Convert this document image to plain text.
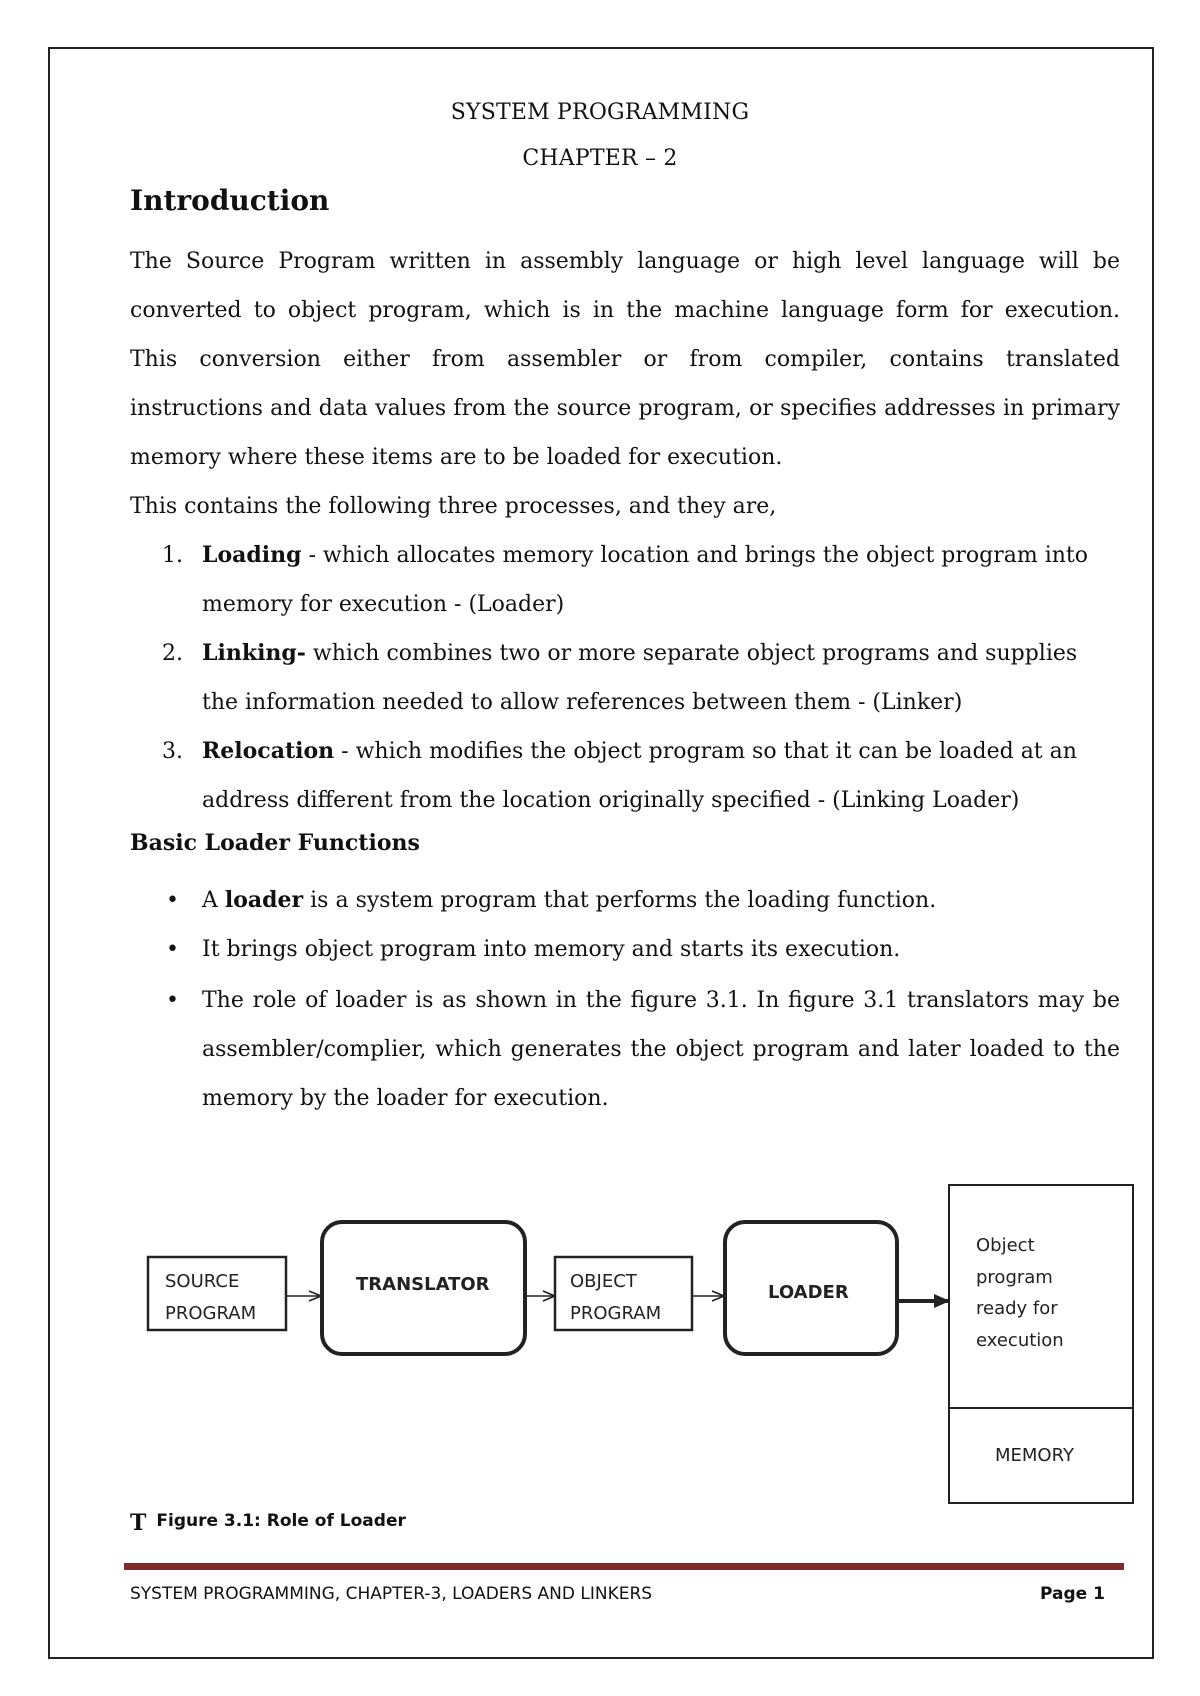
SYSTEM PROGRAMMING
CHAPTER – 2
Introduction
The Source Program written in assembly language or high level language will be
converted to object program, which is in the machine language form for execution.
This conversion either from assembler or from compiler, contains translated
instructions and data values from the source program, or specifies addresses in primary
memory where these items are to be loaded for execution.
This contains the following three processes, and they are,
1. Loading - which allocates memory location and brings the object program into
memory for execution - (Loader)
2. Linking- which combines two or more separate object programs and supplies
the information needed to allow references between them - (Linker)
3. Relocation - which modifies the object program so that it can be loaded at an
address different from the location originally specified - (Linking Loader)
Basic Loader Functions
• A loader is a system program that performs the loading function.
• It brings object program into memory and starts its execution.
• The role of loader is as shown in the figure 3.1. In figure 3.1 translators may be
assembler/complier, which generates the object program and later loaded to the
memory by the loader for execution.
SOURCE
PROGRAM
TRANSLATOR	OBJECT
PROGRAM
LOADER
Object
program
ready for
execution
MEMORY
T Figure 3.1: Role of Loader
SYSTEM PROGRAMMING, CHAPTER-3, LOADERS AND LINKERS	Page 1
